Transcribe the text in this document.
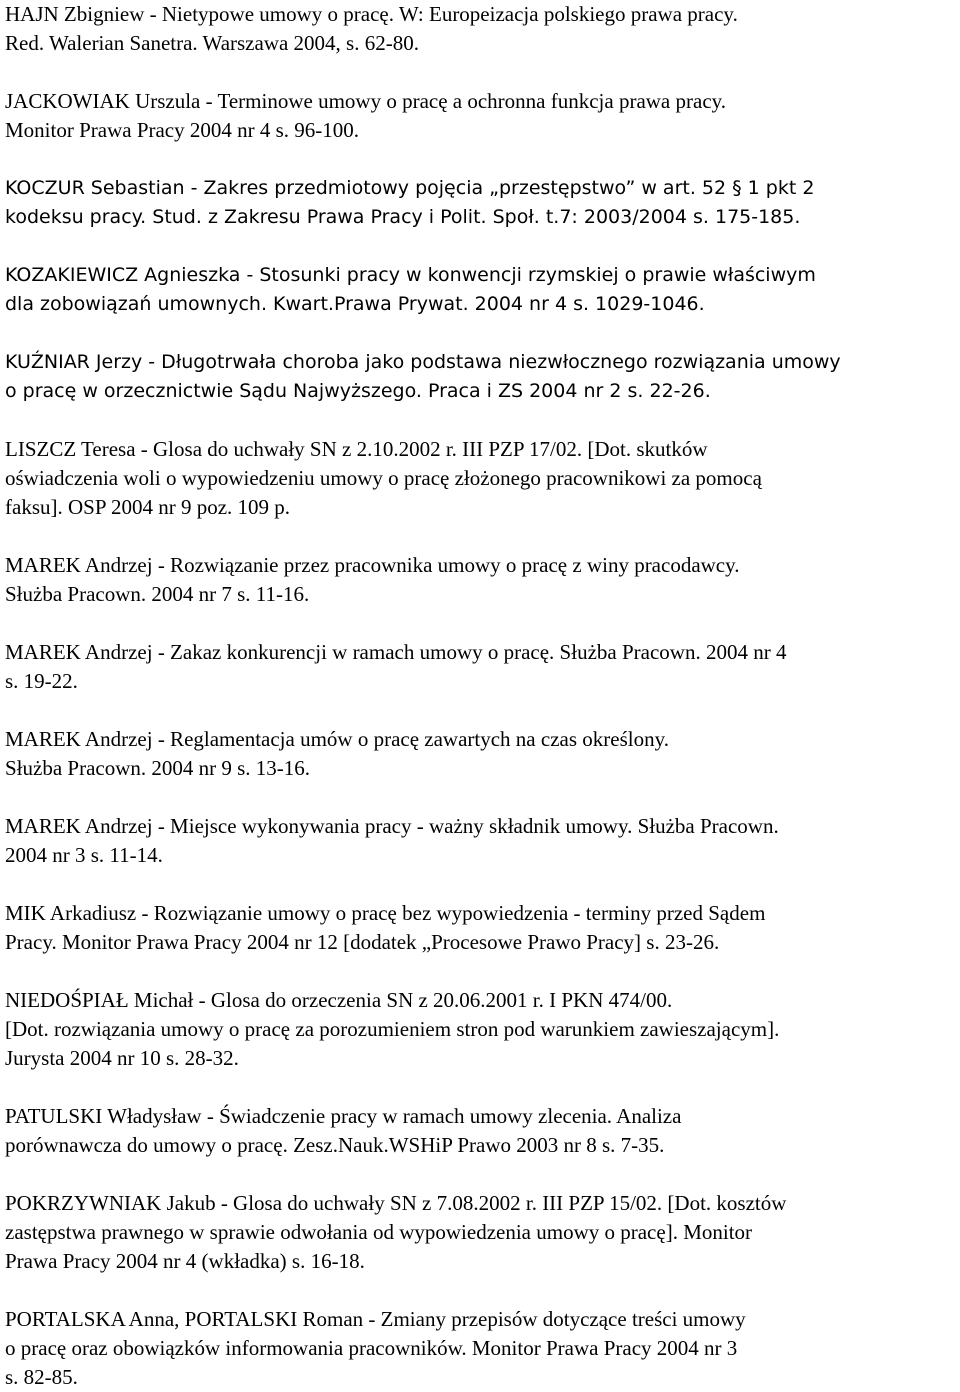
HAJN Zbigniew - Nietypowe umowy o pracę. W: Europeizacja polskiego prawa pracy.
Red. Walerian Sanetra. Warszawa 2004, s. 62-80.
JACKOWIAK Urszula - Terminowe umowy o pracę a ochronna funkcja prawa pracy.
Monitor Prawa Pracy 2004 nr 4 s. 96-100.
KOCZUR Sebastian - Zakres przedmiotowy pojęcia „przestępstwo” w art. 52 § 1 pkt 2
kodeksu pracy. Stud. z Zakresu Prawa Pracy i Polit. Społ. t.7: 2003/2004 s. 175-185.
KOZAKIEWICZ Agnieszka - Stosunki pracy w konwencji rzymskiej o prawie właściwym
dla zobowiązań umownych. Kwart.Prawa Prywat. 2004 nr 4 s. 1029-1046.
KUŹNIAR Jerzy - Długotrwała choroba jako podstawa niezwłocznego rozwiązania umowy
o pracę w orzecznictwie Sądu Najwyższego. Praca i ZS 2004 nr 2 s. 22-26.
LISZCZ Teresa - Glosa do uchwały SN z 2.10.2002 r. III PZP 17/02. [Dot. skutków
oświadczenia woli o wypowiedzeniu umowy o pracę złożonego pracownikowi za pomocą
faksu]. OSP 2004 nr 9 poz. 109 p.
MAREK Andrzej - Rozwiązanie przez pracownika umowy o pracę z winy pracodawcy.
Służba Pracown. 2004 nr 7 s. 11-16.
MAREK Andrzej - Zakaz konkurencji w ramach umowy o pracę. Służba Pracown. 2004 nr 4
s. 19-22.
MAREK Andrzej - Reglamentacja umów o pracę zawartych na czas określony.
Służba Pracown. 2004 nr 9 s. 13-16.
MAREK Andrzej - Miejsce wykonywania pracy - ważny składnik umowy. Służba Pracown.
2004 nr 3 s. 11-14.
MIK Arkadiusz - Rozwiązanie umowy o pracę bez wypowiedzenia - terminy przed Sądem
Pracy. Monitor Prawa Pracy 2004 nr 12 [dodatek „Procesowe Prawo Pracy] s. 23-26.
NIEDOŚPIAŁ Michał - Glosa do orzeczenia SN z 20.06.2001 r. I PKN 474/00.
[Dot. rozwiązania umowy o pracę za porozumieniem stron pod warunkiem zawieszającym].
Jurysta 2004 nr 10 s. 28-32.
PATULSKI Władysław - Świadczenie pracy w ramach umowy zlecenia. Analiza
porównawcza do umowy o pracę. Zesz.Nauk.WSHiP Prawo 2003 nr 8 s. 7-35.
POKRZYWNIAK Jakub - Glosa do uchwały SN z 7.08.2002 r. III PZP 15/02. [Dot. kosztów
zastępstwa prawnego w sprawie odwołania od wypowiedzenia umowy o pracę]. Monitor
Prawa Pracy 2004 nr 4 (wkładka) s. 16-18.
PORTALSKA Anna, PORTALSKI Roman - Zmiany przepisów dotyczące treści umowy
o pracę oraz obowiązków informowania pracowników. Monitor Prawa Pracy 2004 nr 3
s. 82-85.
